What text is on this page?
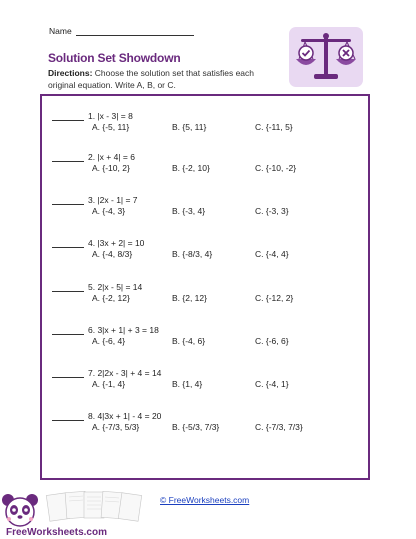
Name
Solution Set Showdown
Directions: Choose the solution set that satisfies each original equation. Write A, B, or C.
1. |x - 3| = 8
A. {-5, 11}	B. {5, 11}	C. {-11, 5}
2. |x + 4| = 6
A. {-10, 2}	B. {-2, 10}	C. {-10, -2}
3. |2x - 1| = 7
A. {-4, 3}	B. {-3, 4}	C. {-3, 3}
4. |3x + 2| = 10
A. {-4, 8/3}	B. {-8/3, 4}	C. {-4, 4}
5. 2|x - 5| = 14
A. {-2, 12}	B. {2, 12}	C. {-12, 2}
6. 3|x + 1| + 3 = 18
A. {-6, 4}	B. {-4, 6}	C. {-6, 6}
7. 2|2x - 3| + 4 = 14
A. {-1, 4}	B. {1, 4}	C. {-4, 1}
8. 4|3x + 1| - 4 = 20
A. {-7/3, 5/3}	B. {-5/3, 7/3}	C. {-7/3, 7/3}
© FreeWorksheets.com
FreeWorksheets.com
